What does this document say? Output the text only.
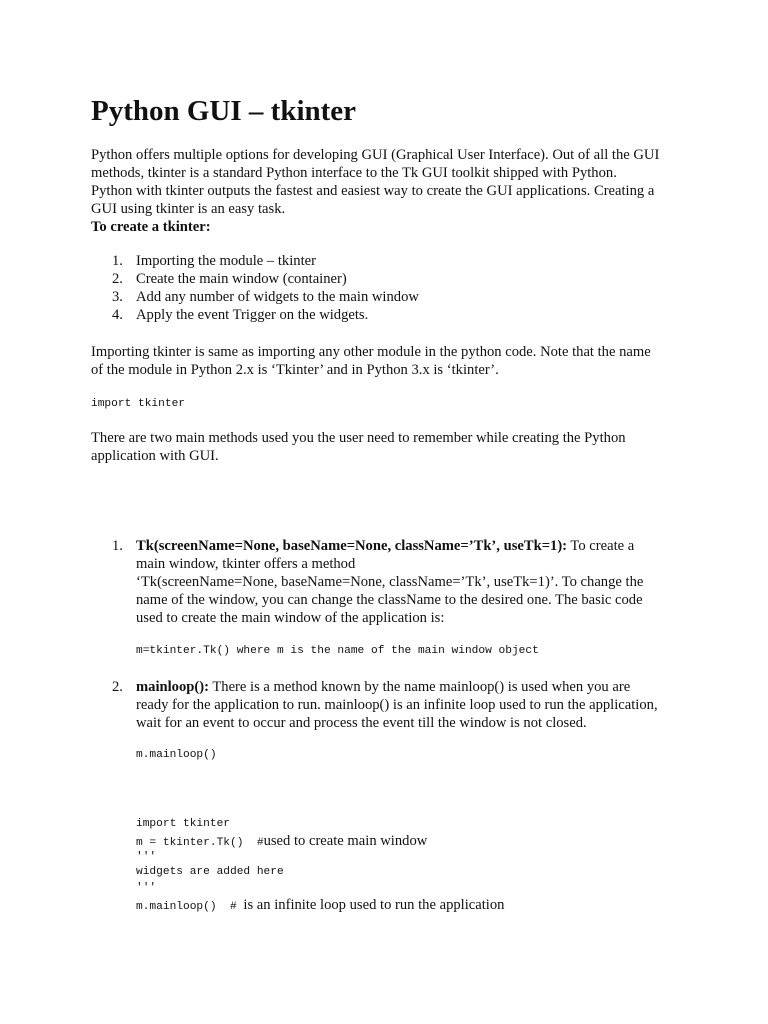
Python GUI – tkinter
Python offers multiple options for developing GUI (Graphical User Interface). Out of all the GUI
methods, tkinter is a standard Python interface to the Tk GUI toolkit shipped with Python.
Python with tkinter outputs the fastest and easiest way to create the GUI applications. Creating a
GUI using tkinter is an easy task.
To create a tkinter:
1. Importing the module – tkinter
2. Create the main window (container)
3. Add any number of widgets to the main window
4. Apply the event Trigger on the widgets.
Importing tkinter is same as importing any other module in the python code. Note that the name
of the module in Python 2.x is ‘Tkinter’ and in Python 3.x is ‘tkinter’.
import tkinter
There are two main methods used you the user need to remember while creating the Python
application with GUI.
1. Tk(screenName=None, baseName=None, className=’Tk’, useTk=1): To create a
main window, tkinter offers a method
‘Tk(screenName=None, baseName=None, className=’Tk’, useTk=1)’. To change the
name of the window, you can change the className to the desired one. The basic code
used to create the main window of the application is:
m=tkinter.Tk() where m is the name of the main window object
2. mainloop(): There is a method known by the name mainloop() is used when you are
ready for the application to run. mainloop() is an infinite loop used to run the application,
wait for an event to occur and process the event till the window is not closed.
m.mainloop()
import tkinter
m = tkinter.Tk()  #used to create main window
'''
widgets are added here
'''
m.mainloop()  # is an infinite loop used to run the application
